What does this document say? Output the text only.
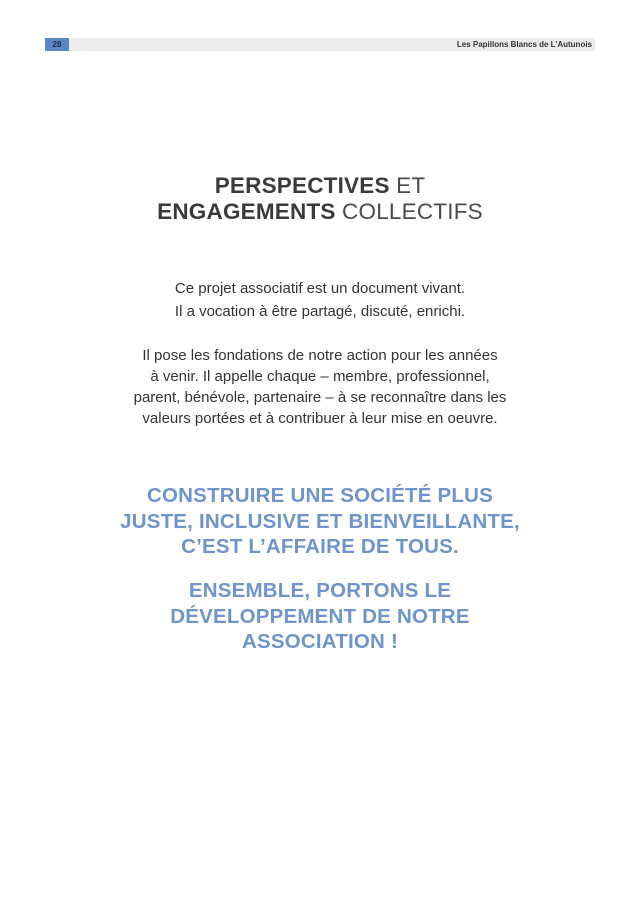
28	Les Papillons Blancs de L’Autunois
PERSPECTIVES ET
ENGAGEMENTS COLLECTIFS
Ce projet associatif est un document vivant.
Il a vocation à être partagé, discuté, enrichi.
Il pose les fondations de notre action pour les années
à venir. Il appelle chaque – membre, professionnel,
parent, bénévole, partenaire – à se reconnaître dans les
valeurs portées et à contribuer à leur mise en oeuvre.
CONSTRUIRE UNE SOCIÉTÉ PLUS
JUSTE, INCLUSIVE ET BIENVEILLANTE,
C’EST L’AFFAIRE DE TOUS.
ENSEMBLE, PORTONS LE
DÉVELOPPEMENT DE NOTRE
ASSOCIATION !
